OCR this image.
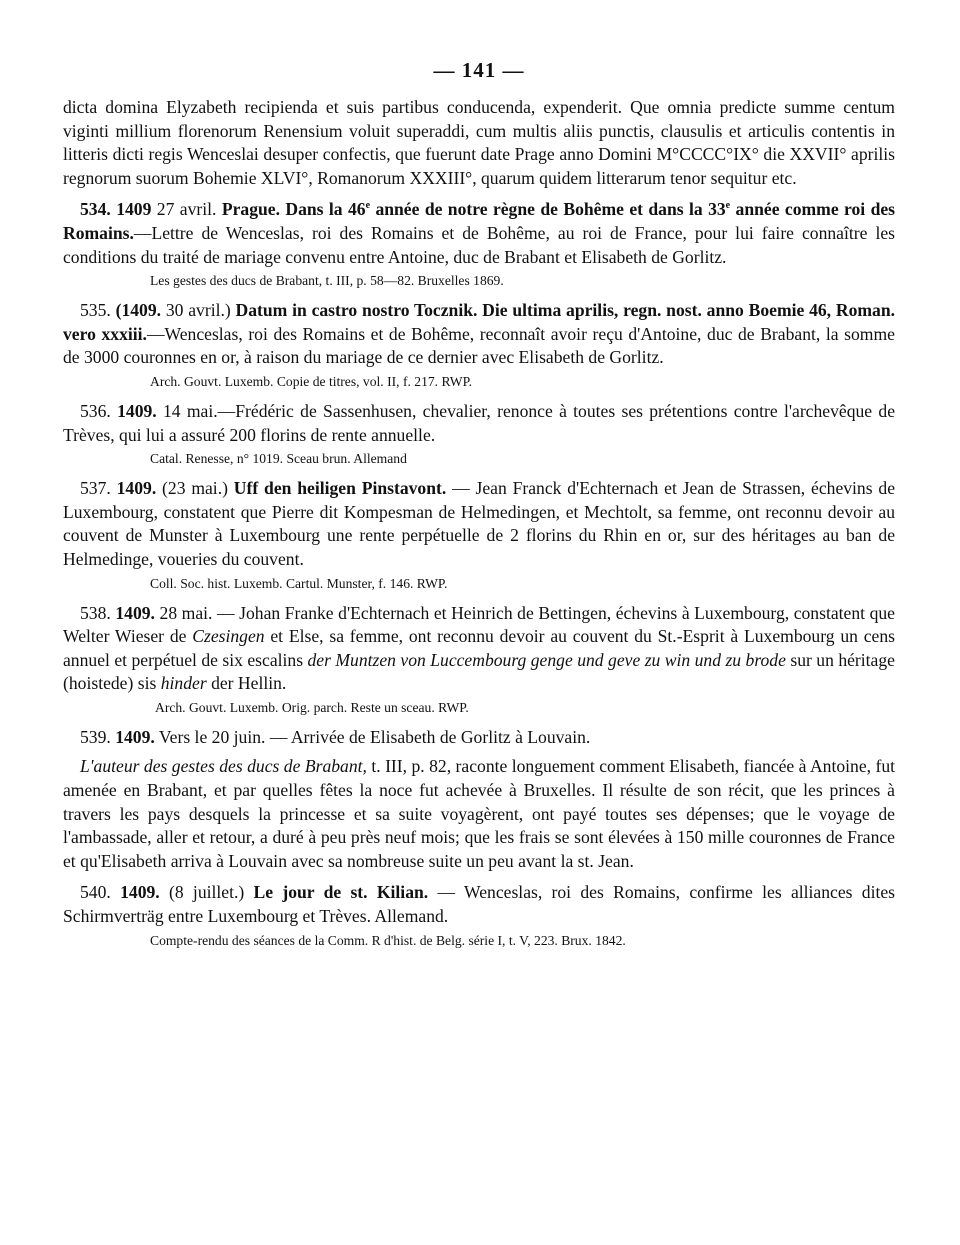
— 141 —

dicta domina Elyzabeth recipienda et suis partibus conducenda, expenderit. Que omnia predicte summe centum viginti millium florenorum Renensium voluit superaddi, cum multis aliis punctis, clausulis et articulis contentis in litteris dicti regis Wenceslai desuper confectis, que fuerunt date Prage anno Domini M°CCCC°IX° die XXVII° aprilis regnorum suorum Bohemie XLVI°, Romanorum XXXIII°, quarum quidem litterarum tenor sequitur etc.

534. 1409 27 avril. Prague. Dans la 46e année de notre règne de Bohême et dans la 33e année comme roi des Romains.—Lettre de Wenceslas, roi des Romains et de Bohême, au roi de France, pour lui faire connaître les conditions du traité de mariage convenu entre Antoine, duc de Brabant et Elisabeth de Gorlitz.

Les gestes des ducs de Brabant, t. III, p. 58—82. Bruxelles 1869.

535. (1409. 30 avril.) Datum in castro nostro Tocznik. Die ultima aprilis, regn. nost. anno Boemie 46, Roman. vero xxxiii.—Wenceslas, roi des Romains et de Bohême, reconnaît avoir reçu d'Antoine, duc de Brabant, la somme de 3000 couronnes en or, à raison du mariage de ce dernier avec Elisabeth de Gorlitz.

Arch. Gouvt. Luxemb. Copie de titres, vol. II, f. 217. RWP.

536. 1409. 14 mai.—Frédéric de Sassenhusen, chevalier, renonce à toutes ses prétentions contre l'archevêque de Trèves, qui lui a assuré 200 florins de rente annuelle.

Catal. Renesse, n° 1019. Sceau brun. Allemand

537. 1409. (23 mai.) Uff den heiligen Pinstavont. — Jean Franck d'Echternach et Jean de Strassen, échevins de Luxembourg, constatent que Pierre dit Kompesman de Helmedingen, et Mechtolt, sa femme, ont reconnu devoir au couvent de Munster à Luxembourg une rente perpétuelle de 2 florins du Rhin en or, sur des héritages au ban de Helmedinge, voueries du couvent.

Coll. Soc. hist. Luxemb. Cartul. Munster, f. 146. RWP.

538. 1409. 28 mai. — Johan Franke d'Echternach et Heinrich de Bettingen, échevins à Luxembourg, constatent que Welter Wieser de Czesingen et Else, sa femme, ont reconnu devoir au couvent du St.-Esprit à Luxembourg un cens annuel et perpétuel de six escalins der Muntzen von Luccembourg genge und geve zu win und zu brode sur un héritage (hoistede) sis hinder der Hellin.

Arch. Gouvt. Luxemb. Orig. parch. Reste un sceau. RWP.

539. 1409. Vers le 20 juin. — Arrivée de Elisabeth de Gorlitz à Louvain.

L'auteur des gestes des ducs de Brabant, t. III, p. 82, raconte longuement comment Elisabeth, fiancée à Antoine, fut amenée en Brabant, et par quelles fêtes la noce fut achevée à Bruxelles. Il résulte de son récit, que les princes à travers les pays desquels la princesse et sa suite voyagèrent, ont payé toutes ses dépenses; que le voyage de l'ambassade, aller et retour, a duré à peu près neuf mois; que les frais se sont élevées à 150 mille couronnes de France et qu'Elisabeth arriva à Louvain avec sa nombreuse suite un peu avant la st. Jean.

540. 1409. (8 juillet.) Le jour de st. Kilian. — Wenceslas, roi des Romains, confirme les alliances dites Schirmverträg entre Luxembourg et Trèves. Allemand.

Compte-rendu des séances de la Comm. R d'hist. de Belg. série I, t. V, 223. Brux. 1842.
